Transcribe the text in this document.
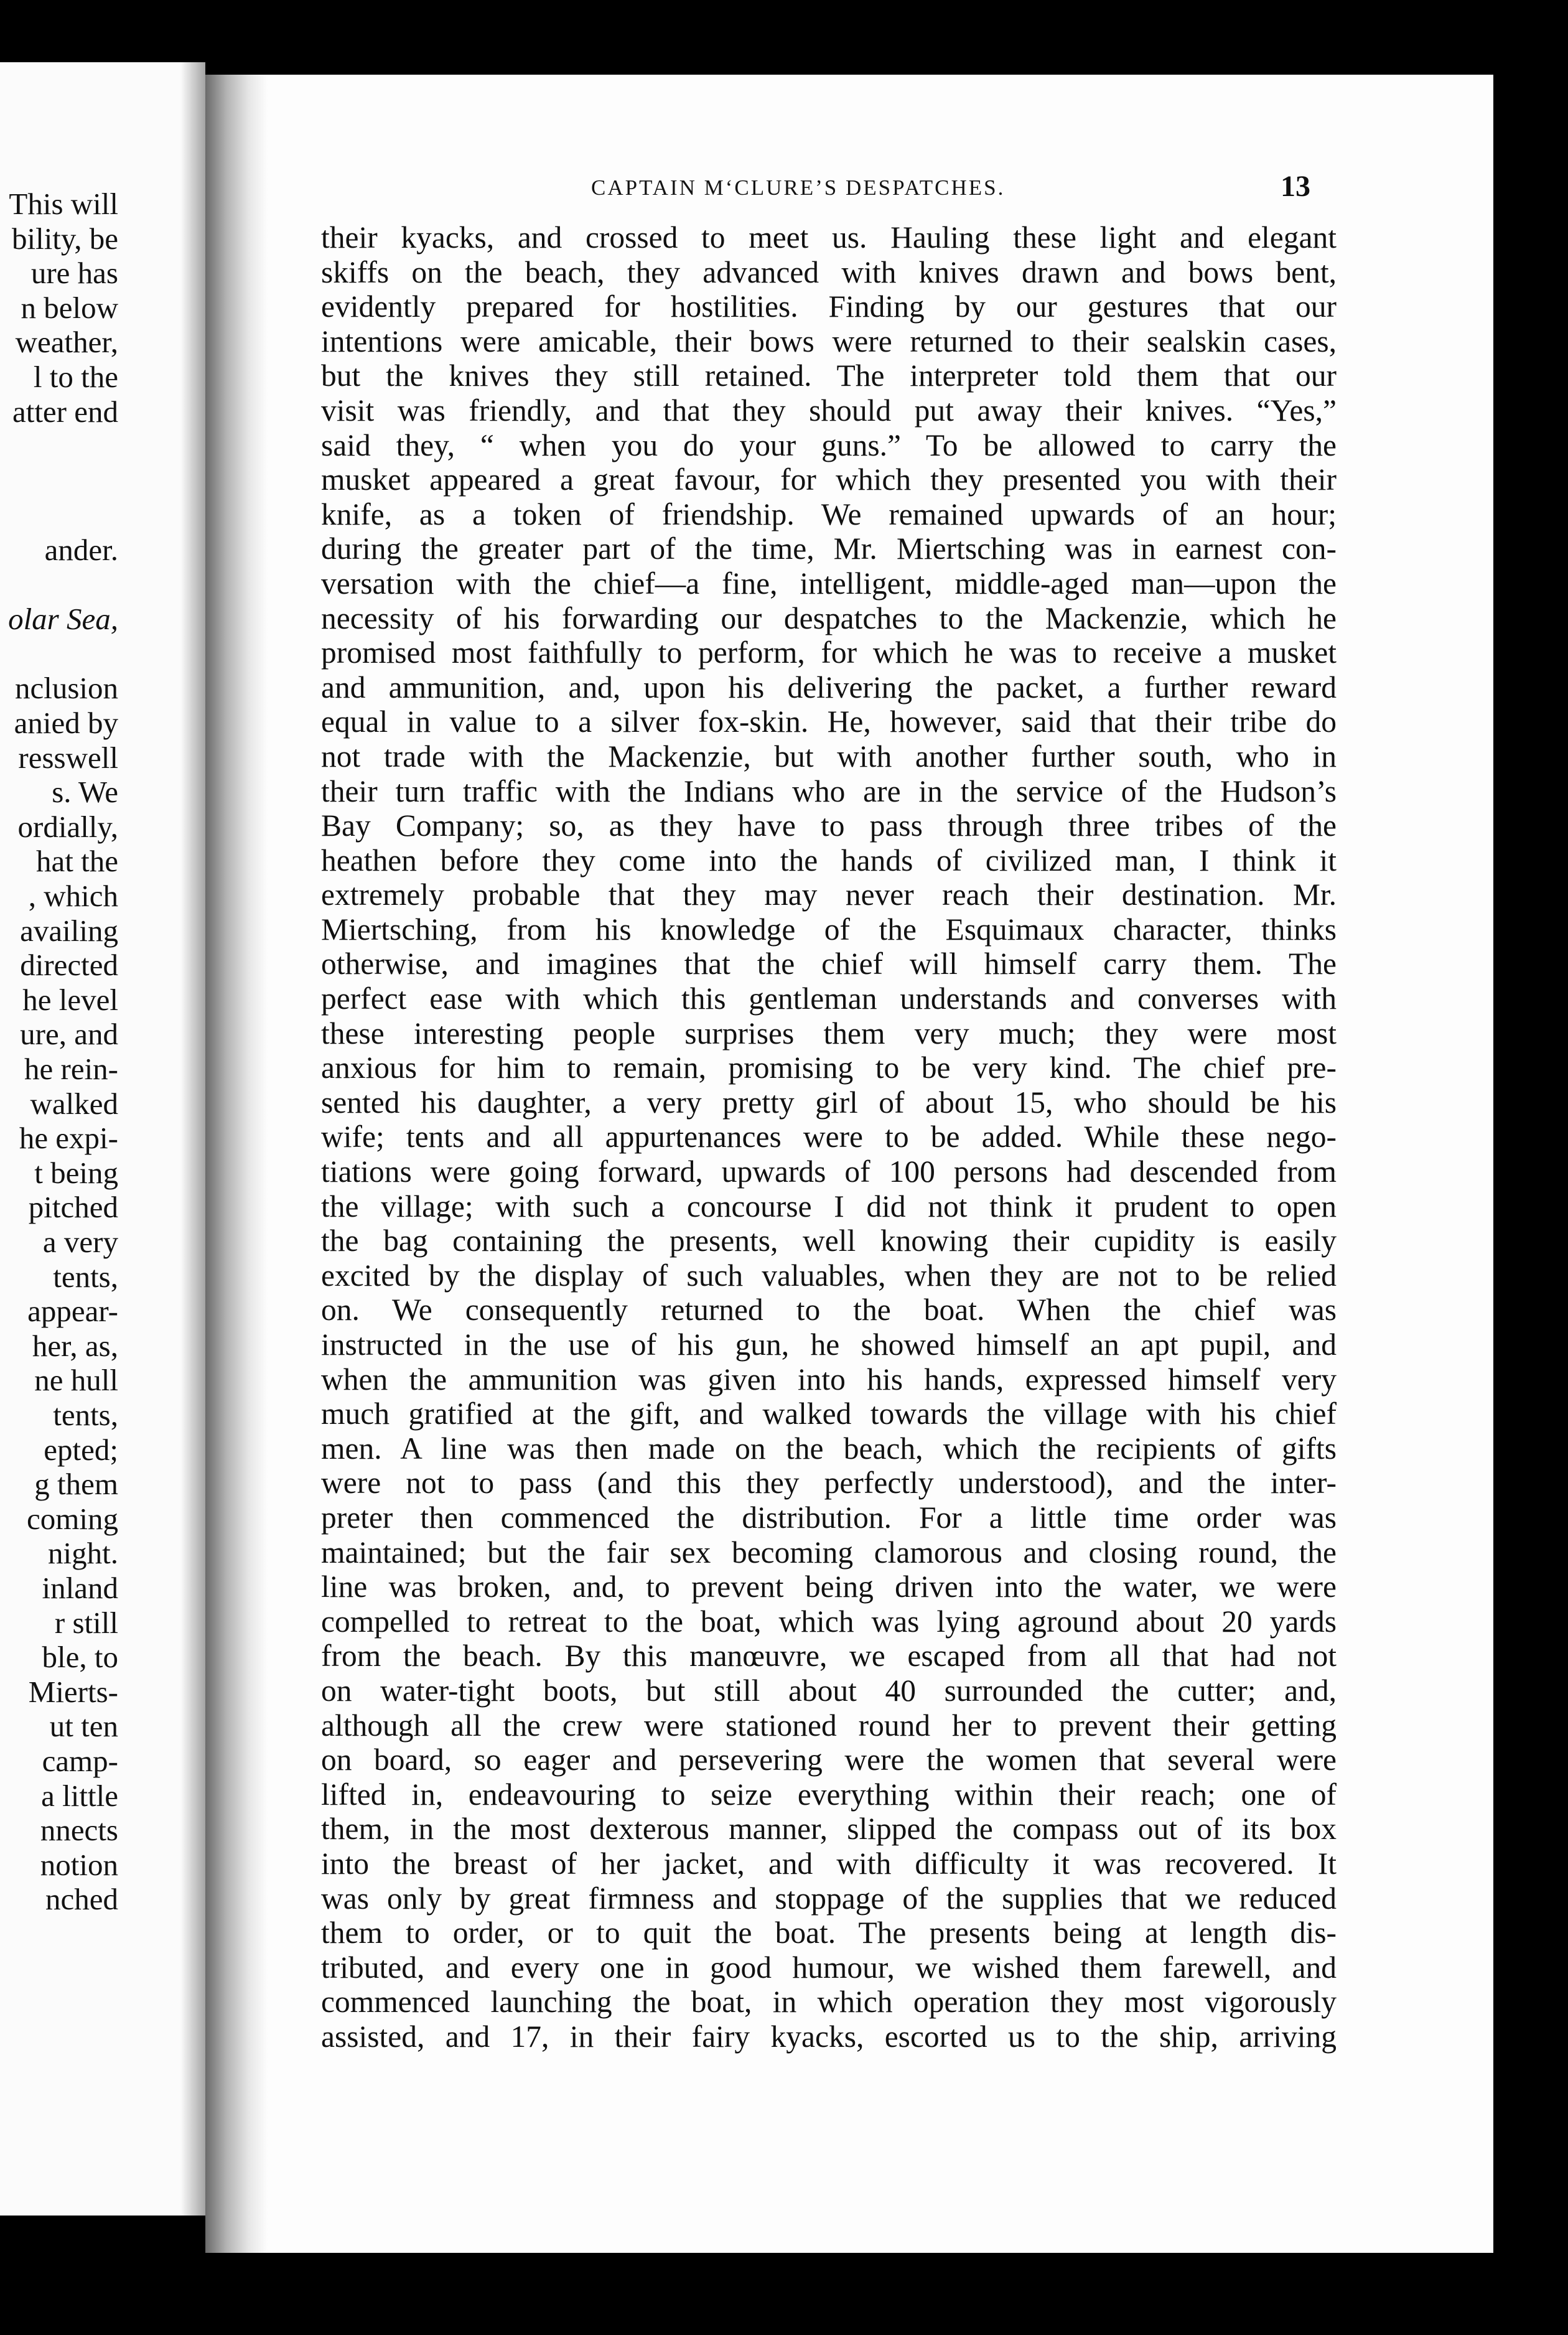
This will
bility, be
ure has
n below
weather,
l to the
atter end
ander.
olar Sea,
nclusion
anied by
resswell
s. We
ordially,
hat the
, which
availing
directed
he level
ure, and
he rein-
walked
he expi-
t being
pitched
a very
tents,
appear-
her, as,
ne hull
tents,
epted;
g them
coming
night.
inland
r still
ble, to
Mierts-
ut ten
camp-
a little
nnects
notion
nched
CAPTAIN M‘CLURE’S DESPATCHES.	13
their kyacks, and crossed to meet us. Hauling these light and elegant
skiffs on the beach, they advanced with knives drawn and bows bent,
evidently prepared for hostilities. Finding by our gestures that our
intentions were amicable, their bows were returned to their sealskin cases,
but the knives they still retained. The interpreter told them that our
visit was friendly, and that they should put away their knives. “Yes,”
said they, “ when you do your guns.” To be allowed to carry the
musket appeared a great favour, for which they presented you with their
knife, as a token of friendship. We remained upwards of an hour;
during the greater part of the time, Mr. Miertsching was in earnest con-
versation with the chief—a fine, intelligent, middle-aged man—upon the
necessity of his forwarding our despatches to the Mackenzie, which he
promised most faithfully to perform, for which he was to receive a musket
and ammunition, and, upon his delivering the packet, a further reward
equal in value to a silver fox-skin. He, however, said that their tribe do
not trade with the Mackenzie, but with another further south, who in
their turn traffic with the Indians who are in the service of the Hudson’s
Bay Company; so, as they have to pass through three tribes of the
heathen before they come into the hands of civilized man, I think it
extremely probable that they may never reach their destination. Mr.
Miertsching, from his knowledge of the Esquimaux character, thinks
otherwise, and imagines that the chief will himself carry them. The
perfect ease with which this gentleman understands and converses with
these interesting people surprises them very much; they were most
anxious for him to remain, promising to be very kind. The chief pre-
sented his daughter, a very pretty girl of about 15, who should be his
wife; tents and all appurtenances were to be added. While these nego-
tiations were going forward, upwards of 100 persons had descended from
the village; with such a concourse I did not think it prudent to open
the bag containing the presents, well knowing their cupidity is easily
excited by the display of such valuables, when they are not to be relied
on. We consequently returned to the boat. When the chief was
instructed in the use of his gun, he showed himself an apt pupil, and
when the ammunition was given into his hands, expressed himself very
much gratified at the gift, and walked towards the village with his chief
men. A line was then made on the beach, which the recipients of gifts
were not to pass (and this they perfectly understood), and the inter-
preter then commenced the distribution. For a little time order was
maintained; but the fair sex becoming clamorous and closing round, the
line was broken, and, to prevent being driven into the water, we were
compelled to retreat to the boat, which was lying aground about 20 yards
from the beach. By this manœuvre, we escaped from all that had not
on water-tight boots, but still about 40 surrounded the cutter; and,
although all the crew were stationed round her to prevent their getting
on board, so eager and persevering were the women that several were
lifted in, endeavouring to seize everything within their reach; one of
them, in the most dexterous manner, slipped the compass out of its box
into the breast of her jacket, and with difficulty it was recovered. It
was only by great firmness and stoppage of the supplies that we reduced
them to order, or to quit the boat. The presents being at length dis-
tributed, and every one in good humour, we wished them farewell, and
commenced launching the boat, in which operation they most vigorously
assisted, and 17, in their fairy kyacks, escorted us to the ship, arriving
